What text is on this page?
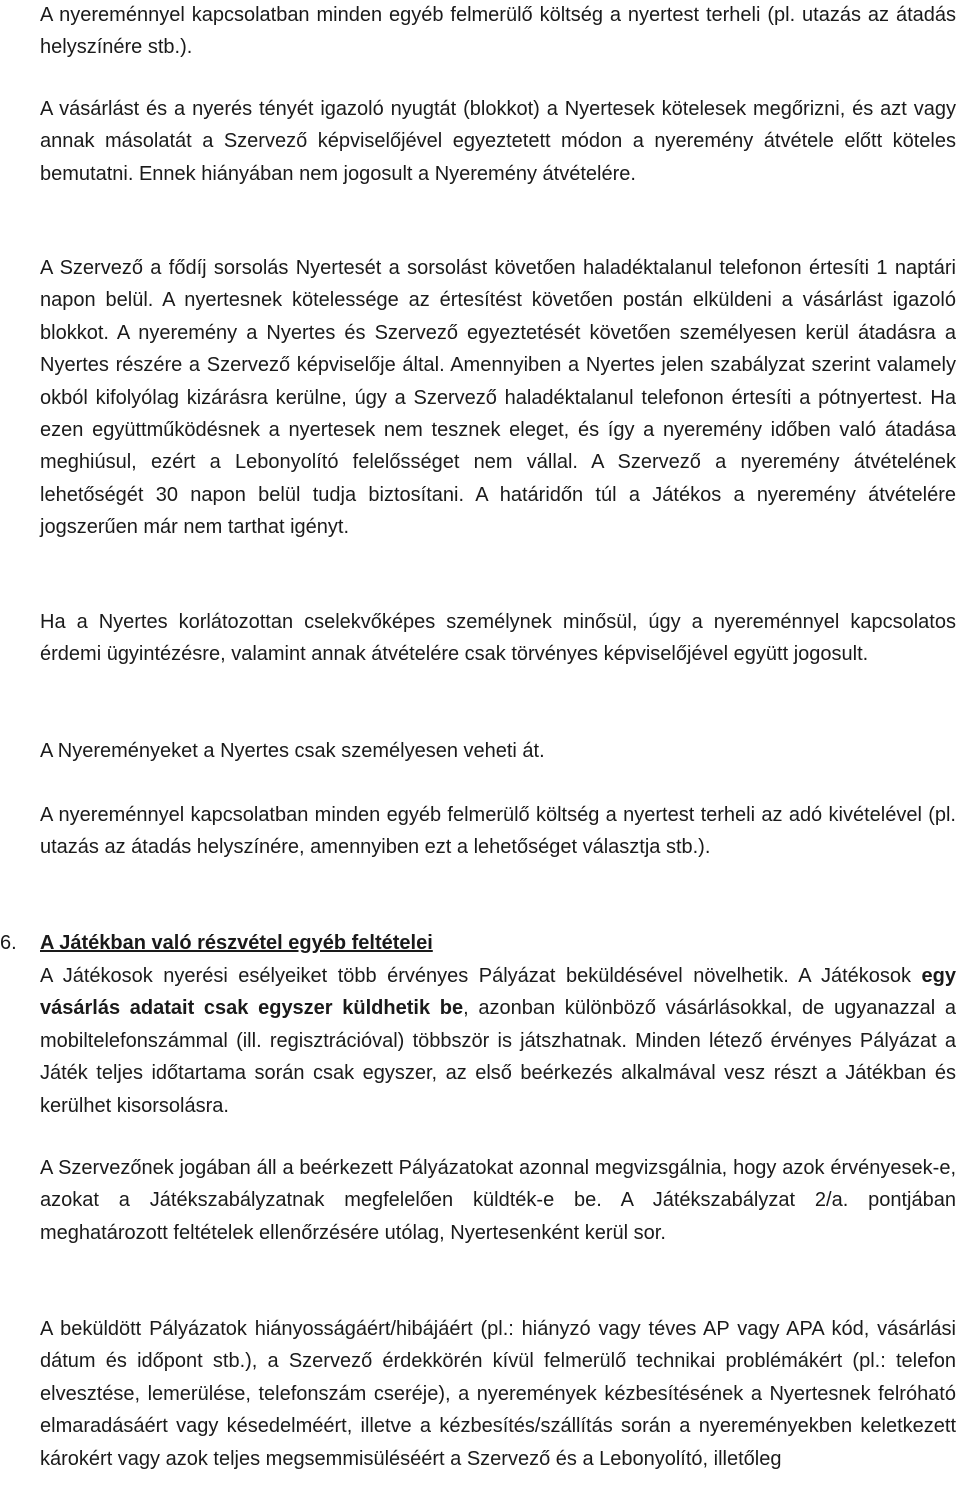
A nyereménnyel kapcsolatban minden egyéb felmerülő költség a nyertest terheli (pl. utazás az átadás helyszínére stb.).

A vásárlást és a nyerés tényét igazoló nyugtát (blokkot) a Nyertesek kötelesek megőrizni, és azt vagy annak másolatát a Szervező képviselőjével egyeztetett módon a nyeremény átvétele előtt köteles bemutatni. Ennek hiányában nem jogosult a Nyeremény átvételére.

A Szervező a fődíj sorsolás Nyertesét a sorsolást követően haladéktalanul telefonon értesíti 1 naptári napon belül. A nyertesnek kötelessége az értesítést követően postán elküldeni a vásárlást igazoló blokkot. A nyeremény a Nyertes és Szervező egyeztetését követően személyesen kerül átadásra a Nyertes részére a Szervező képviselője által. Amennyiben a Nyertes jelen szabályzat szerint valamely okból kifolyólag kizárásra kerülne, úgy a Szervező haladéktalanul telefonon értesíti a pótnyertest. Ha ezen együttműködésnek a nyertesek nem tesznek eleget, és így a nyeremény időben való átadása meghiúsul, ezért a Lebonyolító felelősséget nem vállal. A Szervező a nyeremény átvételének lehetőségét 30 napon belül tudja biztosítani. A határidőn túl a Játékos a nyeremény átvételére jogszerűen már nem tarthat igényt.

Ha a Nyertes korlátozottan cselekvőképes személynek minősül, úgy a nyereménnyel kapcsolatos érdemi ügyintézésre, valamint annak átvételére csak törvényes képviselőjével együtt jogosult.

A Nyereményeket a Nyertes csak személyesen veheti át.

A nyereménnyel kapcsolatban minden egyéb felmerülő költség a nyertest terheli az adó kivételével (pl. utazás az átadás helyszínére, amennyiben ezt a lehetőséget választja stb.).

6. A Játékban való részvétel egyéb feltételei

A Játékosok nyerési esélyeiket több érvényes Pályázat beküldésével növelhetik. A Játékosok egy vásárlás adatait csak egyszer küldhetik be, azonban különböző vásárlásokkal, de ugyanazzal a mobiltelefonszámmal (ill. regisztrációval) többször is játszhatnak. Minden létező érvényes Pályázat a Játék teljes időtartama során csak egyszer, az első beérkezés alkalmával vesz részt a Játékban és kerülhet kisorsolásra.

A Szervezőnek jogában áll a beérkezett Pályázatokat azonnal megvizsgálnia, hogy azok érvényesek-e, azokat a Játékszabályzatnak megfelelően küldték-e be. A Játékszabályzat 2/a. pontjában meghatározott feltételek ellenőrzésére utólag, Nyertesenként kerül sor.

A beküldött Pályázatok hiányosságáért/hibájáért (pl.: hiányzó vagy téves AP vagy APA kód, vásárlási dátum és időpont stb.), a Szervező érdekkörén kívül felmerülő technikai problémákért (pl.: telefon elvesztése, lemerülése, telefonszám cseréje), a nyeremények kézbesítésének a Nyertesnek felróható elmaradásáért vagy késedelméért, illetve a kézbesítés/szállítás során a nyereményekben keletkezett károkért vagy azok teljes megsemmisüléséért a Szervező és a Lebonyolító, illetőleg
